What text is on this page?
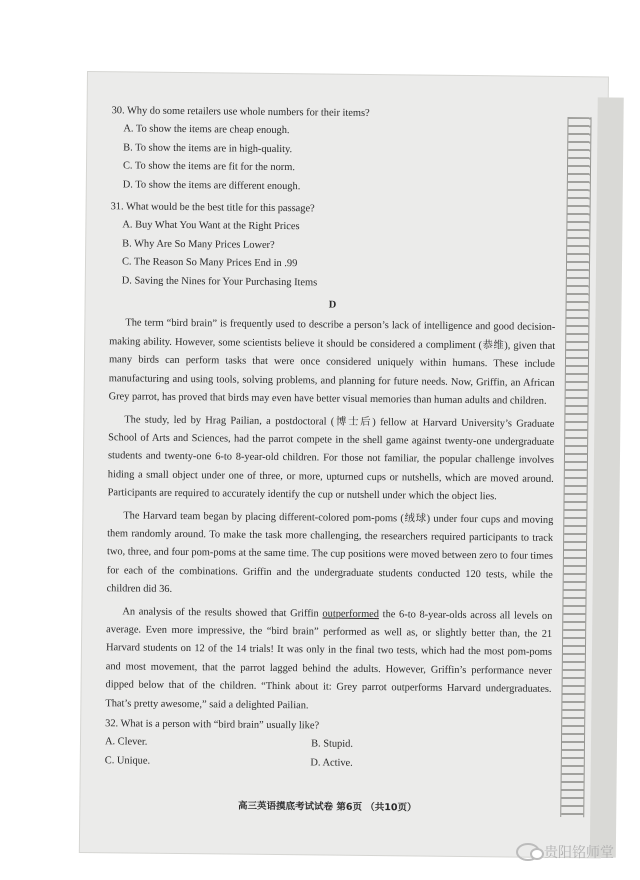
30. Why do some retailers use whole numbers for their items?

A. To show the items are cheap enough.

B. To show the items are in high-quality.

C. To show the items are fit for the norm.

D. To show the items are different enough.

31. What would be the best title for this passage?

A. Buy What You Want at the Right Prices

B. Why Are So Many Prices Lower?

C. The Reason So Many Prices End in .99

D. Saving the Nines for Your Purchasing Items

D

The term “bird brain” is frequently used to describe a person’s lack of intelligence and good decision-making ability. However, some scientists believe it should be considered a compliment (恭维), given that many birds can perform tasks that were once considered uniquely within humans. These include manufacturing and using tools, solving problems, and planning for future needs. Now, Griffin, an African Grey parrot, has proved that birds may even have better visual memories than human adults and children.

The study, led by Hrag Pailian, a postdoctoral (博士后) fellow at Harvard University’s Graduate School of Arts and Sciences, had the parrot compete in the shell game against twenty-one undergraduate students and twenty-one 6-to 8-year-old children. For those not familiar, the popular challenge involves hiding a small object under one of three, or more, upturned cups or nutshells, which are moved around. Participants are required to accurately identify the cup or nutshell under which the object lies.

The Harvard team began by placing different-colored pom-poms (绒球) under four cups and moving them randomly around. To make the task more challenging, the researchers required participants to track two, three, and four pom-poms at the same time. The cup positions were moved between zero to four times for each of the combinations. Griffin and the undergraduate students conducted 120 tests, while the children did 36.

An analysis of the results showed that Griffin outperformed the 6-to 8-year-olds across all levels on average. Even more impressive, the “bird brain” performed as well as, or slightly better than, the 21 Harvard students on 12 of the 14 trials! It was only in the final two tests, which had the most pom-poms and most movement, that the parrot lagged behind the adults. However, Griffin’s performance never dipped below that of the children. “Think about it: Grey parrot outperforms Harvard undergraduates. That’s pretty awesome,” said a delighted Pailian.

32. What is a person with “bird brain” usually like?

A. Clever.	B. Stupid.
C. Unique.	D. Active.
高三英语摸底考试试卷 第6页 （共10页）
贵阳铭师堂
